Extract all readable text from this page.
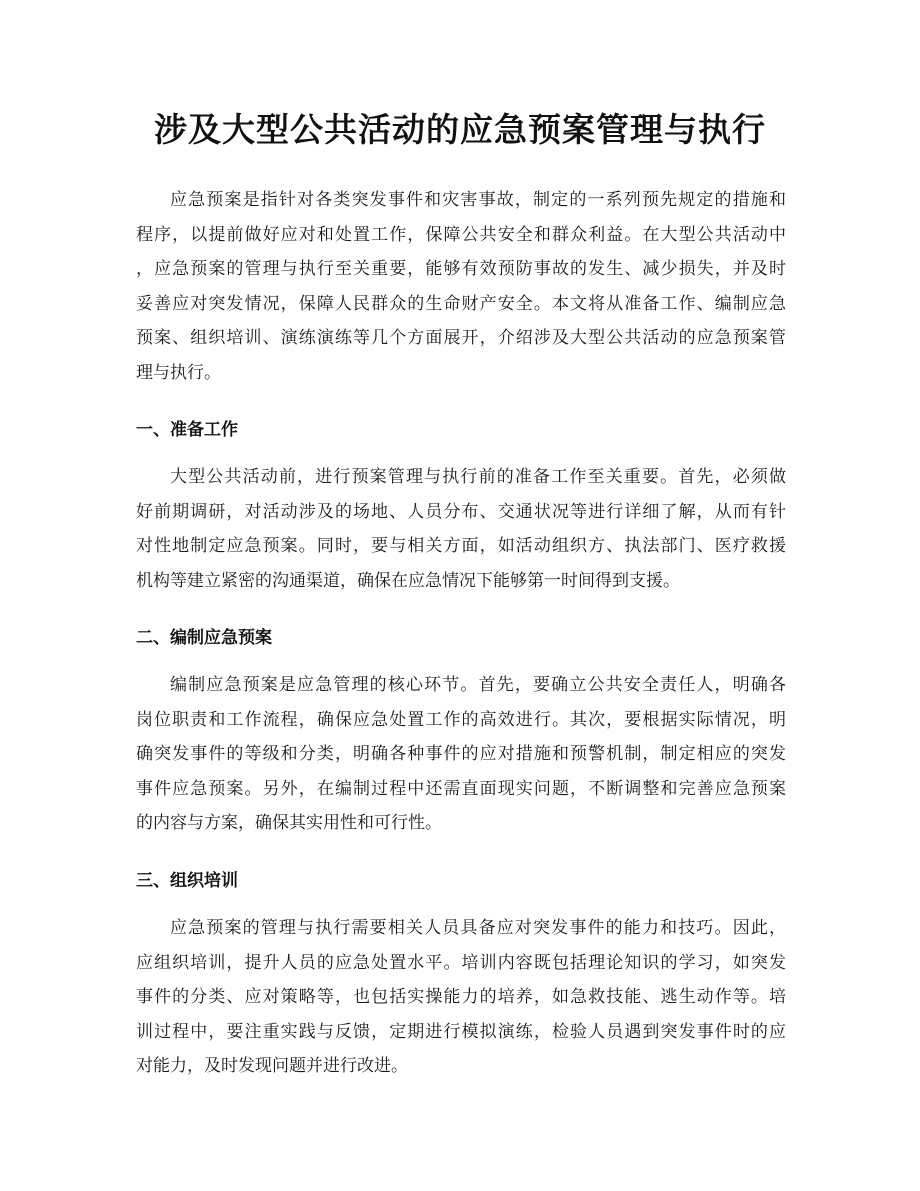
涉及大型公共活动的应急预案管理与执行
应急预案是指针对各类突发事件和灾害事故，制定的一系列预先规定的措施和
程序，以提前做好应对和处置工作，保障公共安全和群众利益。在大型公共活动中
，应急预案的管理与执行至关重要，能够有效预防事故的发生、减少损失，并及时
妥善应对突发情况，保障人民群众的生命财产安全。本文将从准备工作、编制应急
预案、组织培训、演练演练等几个方面展开，介绍涉及大型公共活动的应急预案管
理与执行。
一、准备工作
大型公共活动前，进行预案管理与执行前的准备工作至关重要。首先，必须做
好前期调研，对活动涉及的场地、人员分布、交通状况等进行详细了解，从而有针
对性地制定应急预案。同时，要与相关方面，如活动组织方、执法部门、医疗救援
机构等建立紧密的沟通渠道，确保在应急情况下能够第一时间得到支援。
二、编制应急预案
编制应急预案是应急管理的核心环节。首先，要确立公共安全责任人，明确各
岗位职责和工作流程，确保应急处置工作的高效进行。其次，要根据实际情况，明
确突发事件的等级和分类，明确各种事件的应对措施和预警机制，制定相应的突发
事件应急预案。另外，在编制过程中还需直面现实问题，不断调整和完善应急预案
的内容与方案，确保其实用性和可行性。
三、组织培训
应急预案的管理与执行需要相关人员具备应对突发事件的能力和技巧。因此，
应组织培训，提升人员的应急处置水平。培训内容既包括理论知识的学习，如突发
事件的分类、应对策略等，也包括实操能力的培养，如急救技能、逃生动作等。培
训过程中，要注重实践与反馈，定期进行模拟演练，检验人员遇到突发事件时的应
对能力，及时发现问题并进行改进。
